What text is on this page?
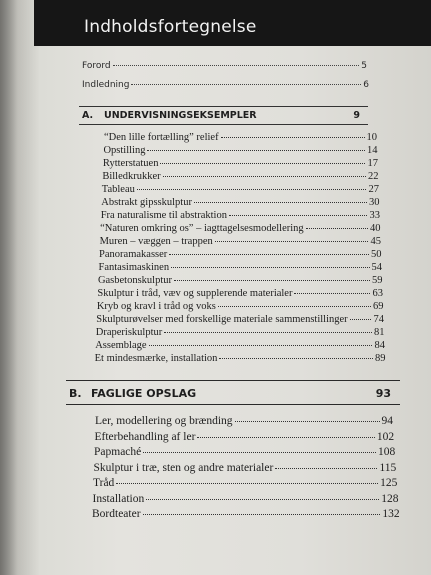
Indholdsfortegnelse
Forord	5
Indledning	6
A.	UNDERVISNINGSEKSEMPLER	9
“Den lille fortælling” relief	10
Opstilling	14
Rytterstatuen	17
Billedkrukker	22
Tableau	27
Abstrakt gipsskulptur	30
Fra naturalisme til abstraktion	33
“Naturen omkring os” – iagttagelsesmodellering	40
Muren – væggen – trappen	45
Panoramakasser	50
Fantasimaskinen	54
Gasbetonskulptur	59
Skulptur i tråd, væv og supplerende materialer	63
Kryb og kravl i tråd og voks	69
Skulpturøvelser med forskellige materiale sammenstillinger 74
Draperiskulptur	81
Assemblage	84
Et mindesmærke, installation	89
B. FAGLIGE OPSLAG	93
Ler, modellering og brænding	94
Efterbehandling af ler	102
Papmaché	108
Skulptur i træ, sten og andre materialer	115
Tråd	125
Installation	128
Bordteater	132
